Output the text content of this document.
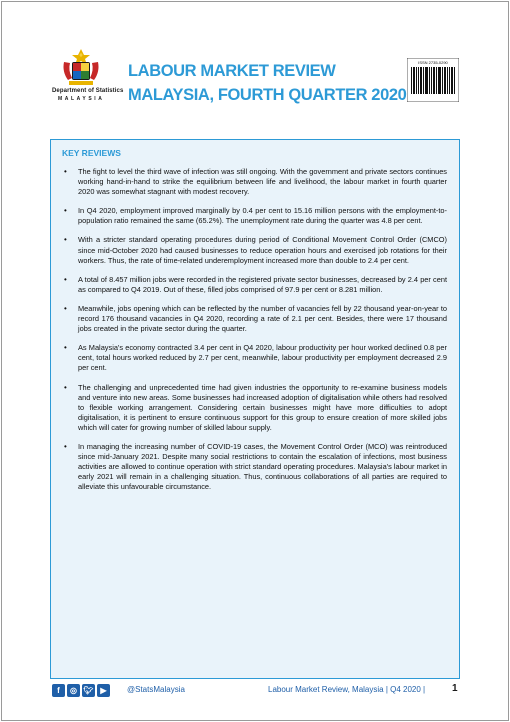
Department of Statistics
MALAYSIA
LABOUR MARKET REVIEW
MALAYSIA, FOURTH QUARTER 2020
ISSN 2735-0290
KEY REVIEWS
• The fight to level the third wave of infection was still ongoing. With the government and private sectors continues working hand-in-hand to strike the equilibrium between life and livelihood, the labour market in fourth quarter 2020 was somewhat stagnant with modest recovery.
• In Q4 2020, employment improved marginally by 0.4 per cent to 15.16 million persons with the employment-to-population ratio remained the same (65.2%). The unemployment rate during the quarter was 4.8 per cent.
• With a stricter standard operating procedures during period of Conditional Movement Control Order (CMCO) since mid-October 2020 had caused businesses to reduce operation hours and exercised job rotations for their workers. Thus, the rate of time-related underemployment increased more than double to 2.4 per cent.
• A total of 8.457 million jobs were recorded in the registered private sector businesses, decreased by 2.4 per cent as compared to Q4 2019. Out of these, filled jobs comprised of 97.9 per cent or 8.281 million.
• Meanwhile, jobs opening which can be reflected by the number of vacancies fell by 22 thousand year-on-year to record 176 thousand vacancies in Q4 2020, recording a rate of 2.1 per cent. Besides, there were 17 thousand jobs created in the private sector during the quarter.
• As Malaysia's economy contracted 3.4 per cent in Q4 2020, labour productivity per hour worked declined 0.8 per cent, total hours worked reduced by 2.7 per cent, meanwhile, labour productivity per employment decreased 2.9 per cent.
• The challenging and unprecedented time had given industries the opportunity to re-examine business models and venture into new areas. Some businesses had increased adoption of digitalisation while others had resolved to flexible working arrangement. Considering certain businesses might have more difficulties to adopt digitalisation, it is pertinent to ensure continuous support for this group to ensure creation of more skilled jobs which will cater for growing number of skilled labour supply.
• In managing the increasing number of COVID-19 cases, the Movement Control Order (MCO) was reintroduced since mid-January 2021. Despite many social restrictions to contain the escalation of infections, most business activities are allowed to continue operation with strict standard operating procedures. Malaysia's labour market in early 2021 will remain in a challenging situation. Thus, continuous collaborations of all parties are required to alleviate this unfavourable circumstance.
f	◎ 🐦︎ ▶	@StatsMalaysia	Labour Market Review, Malaysia | Q4 2020 |	1
